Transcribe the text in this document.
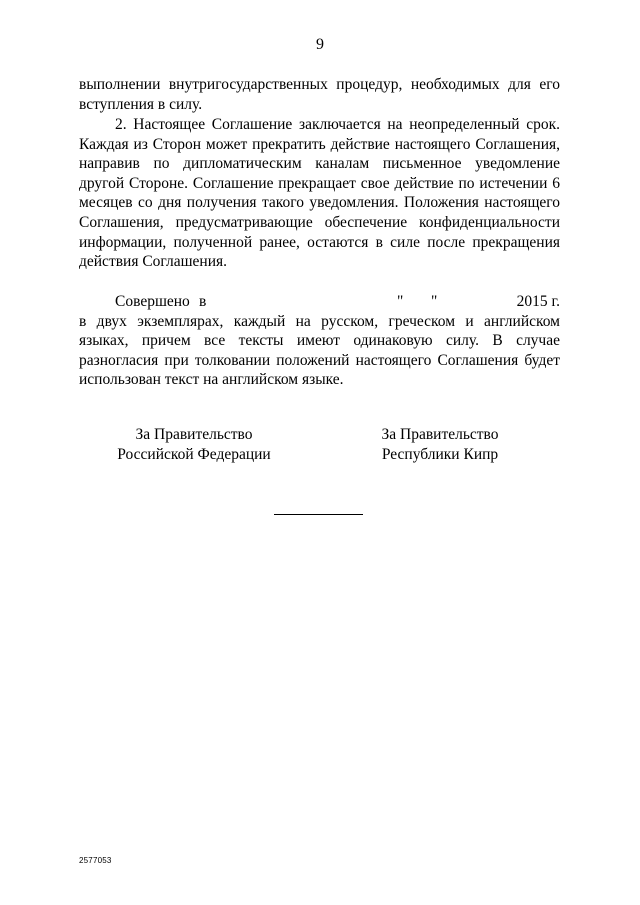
9

выполнении внутригосударственных процедур, необходимых для его вступления в силу.

2. Настоящее Соглашение заключается на неопределенный срок. Каждая из Сторон может прекратить действие настоящего Соглашения, направив по дипломатическим каналам письменное уведомление другой Стороне. Соглашение прекращает свое действие по истечении 6 месяцев со дня получения такого уведомления. Положения настоящего Соглашения, предусматривающие обеспечение конфиденциальности информации, полученной ранее, остаются в силе после прекращения действия Соглашения.

Совершено в	" "	2015 г.

в двух экземплярах, каждый на русском, греческом и английском языках, причем все тексты имеют одинаковую силу. В случае разногласия при толковании положений настоящего Соглашения будет использован текст на английском языке.

За Правительство
Российской Федерации
За Правительство
Республики Кипр
2577053
